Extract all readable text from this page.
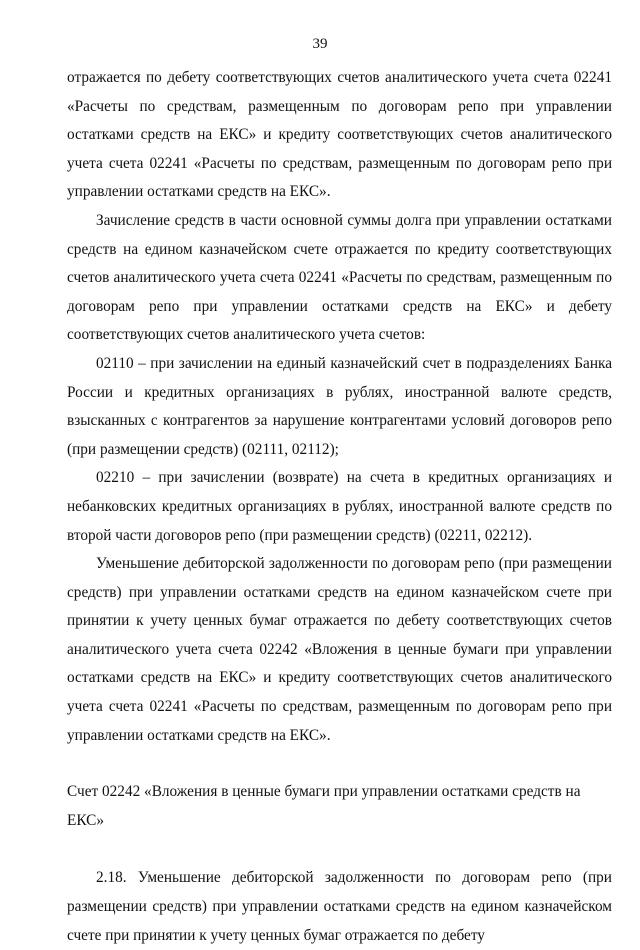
39

отражается по дебету соответствующих счетов аналитического учета счета 02241 «Расчеты по средствам, размещенным по договорам репо при управлении остатками средств на ЕКС» и кредиту соответствующих счетов аналитического учета счета 02241 «Расчеты по средствам, размещенным по договорам репо при управлении остатками средств на ЕКС».

Зачисление средств в части основной суммы долга при управлении остатками средств на едином казначейском счете отражается по кредиту соответствующих счетов аналитического учета счета 02241 «Расчеты по средствам, размещенным по договорам репо при управлении остатками средств на ЕКС» и дебету соответствующих счетов аналитического учета счетов:

02110 – при зачислении на единый казначейский счет в подразделениях Банка России и кредитных организациях в рублях, иностранной валюте средств, взысканных с контрагентов за нарушение контрагентами условий договоров репо (при размещении средств) (02111, 02112);

02210 – при зачислении (возврате) на счета в кредитных организациях и небанковских кредитных организациях в рублях, иностранной валюте средств по второй части договоров репо (при размещении средств) (02211, 02212).

Уменьшение дебиторской задолженности по договорам репо (при размещении средств) при управлении остатками средств на едином казначейском счете при принятии к учету ценных бумаг отражается по дебету соответствующих счетов аналитического учета счета 02242 «Вложения в ценные бумаги при управлении остатками средств на ЕКС» и кредиту соответствующих счетов аналитического учета счета 02241 «Расчеты по средствам, размещенным по договорам репо при управлении остатками средств на ЕКС».

Счет 02242 «Вложения в ценные бумаги при управлении остатками средств на ЕКС»

2.18. Уменьшение дебиторской задолженности по договорам репо (при размещении средств) при управлении остатками средств на едином казначейском счете при принятии к учету ценных бумаг отражается по дебету
